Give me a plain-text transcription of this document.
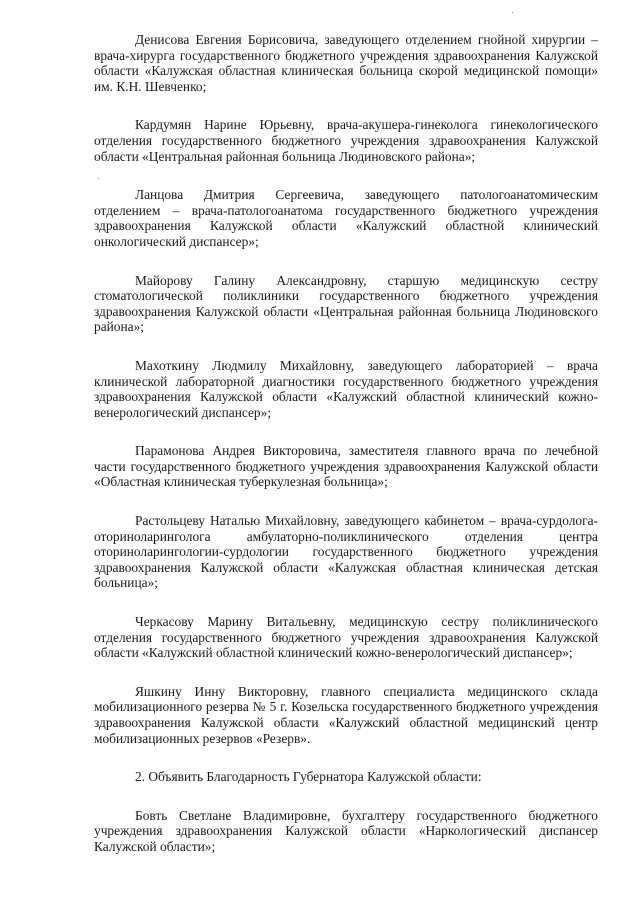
Денисова Евгения Борисовича, заведующего отделением гнойной хирургии – врача-хирурга государственного бюджетного учреждения здравоохранения Калужской области «Калужская областная клиническая больница скорой медицинской помощи» им. К.Н. Шевченко;

Кардумян Нарине Юрьевну, врача-акушера-гинеколога гинекологического отделения государственного бюджетного учреждения здравоохранения Калужской области «Центральная районная больница Людиновского района»;

Ланцова Дмитрия Сергеевича, заведующего патологоанатомическим отделением – врача-патологоанатома государственного бюджетного учреждения здравоохранения Калужской области «Калужский областной клинический онкологический диспансер»;

Майорову Галину Александровну, старшую медицинскую сестру стоматологической поликлиники государственного бюджетного учреждения здравоохранения Калужской области «Центральная районная больница Людиновского района»;

Махоткину Людмилу Михайловну, заведующего лабораторией – врача клинической лабораторной диагностики государственного бюджетного учреждения здравоохранения Калужской области «Калужский областной клинический кожно-венерологический диспансер»;

Парамонова Андрея Викторовича, заместителя главного врача по лечебной части государственного бюджетного учреждения здравоохранения Калужской области «Областная клиническая туберкулезная больница»;

Растольцеву Наталью Михайловну, заведующего кабинетом – врача-сурдолога-оториноларинголога амбулаторно-поликлинического отделения центра оториноларингологии-сурдологии государственного бюджетного учреждения здравоохранения Калужской области «Калужская областная клиническая детская больница»;

Черкасову Марину Витальевну, медицинскую сестру поликлинического отделения государственного бюджетного учреждения здравоохранения Калужской области «Калужский областной клинический кожно-венерологический диспансер»;

Яшкину Инну Викторовну, главного специалиста медицинского склада мобилизационного резерва № 5 г. Козельска государственного бюджетного учреждения здравоохранения Калужской области «Калужский областной медицинский центр мобилизационных резервов «Резерв».

2. Объявить Благодарность Губернатора Калужской области:

Бовть Светлане Владимировне, бухгалтеру государственного бюджетного учреждения здравоохранения Калужской области «Наркологический диспансер Калужской области»;
